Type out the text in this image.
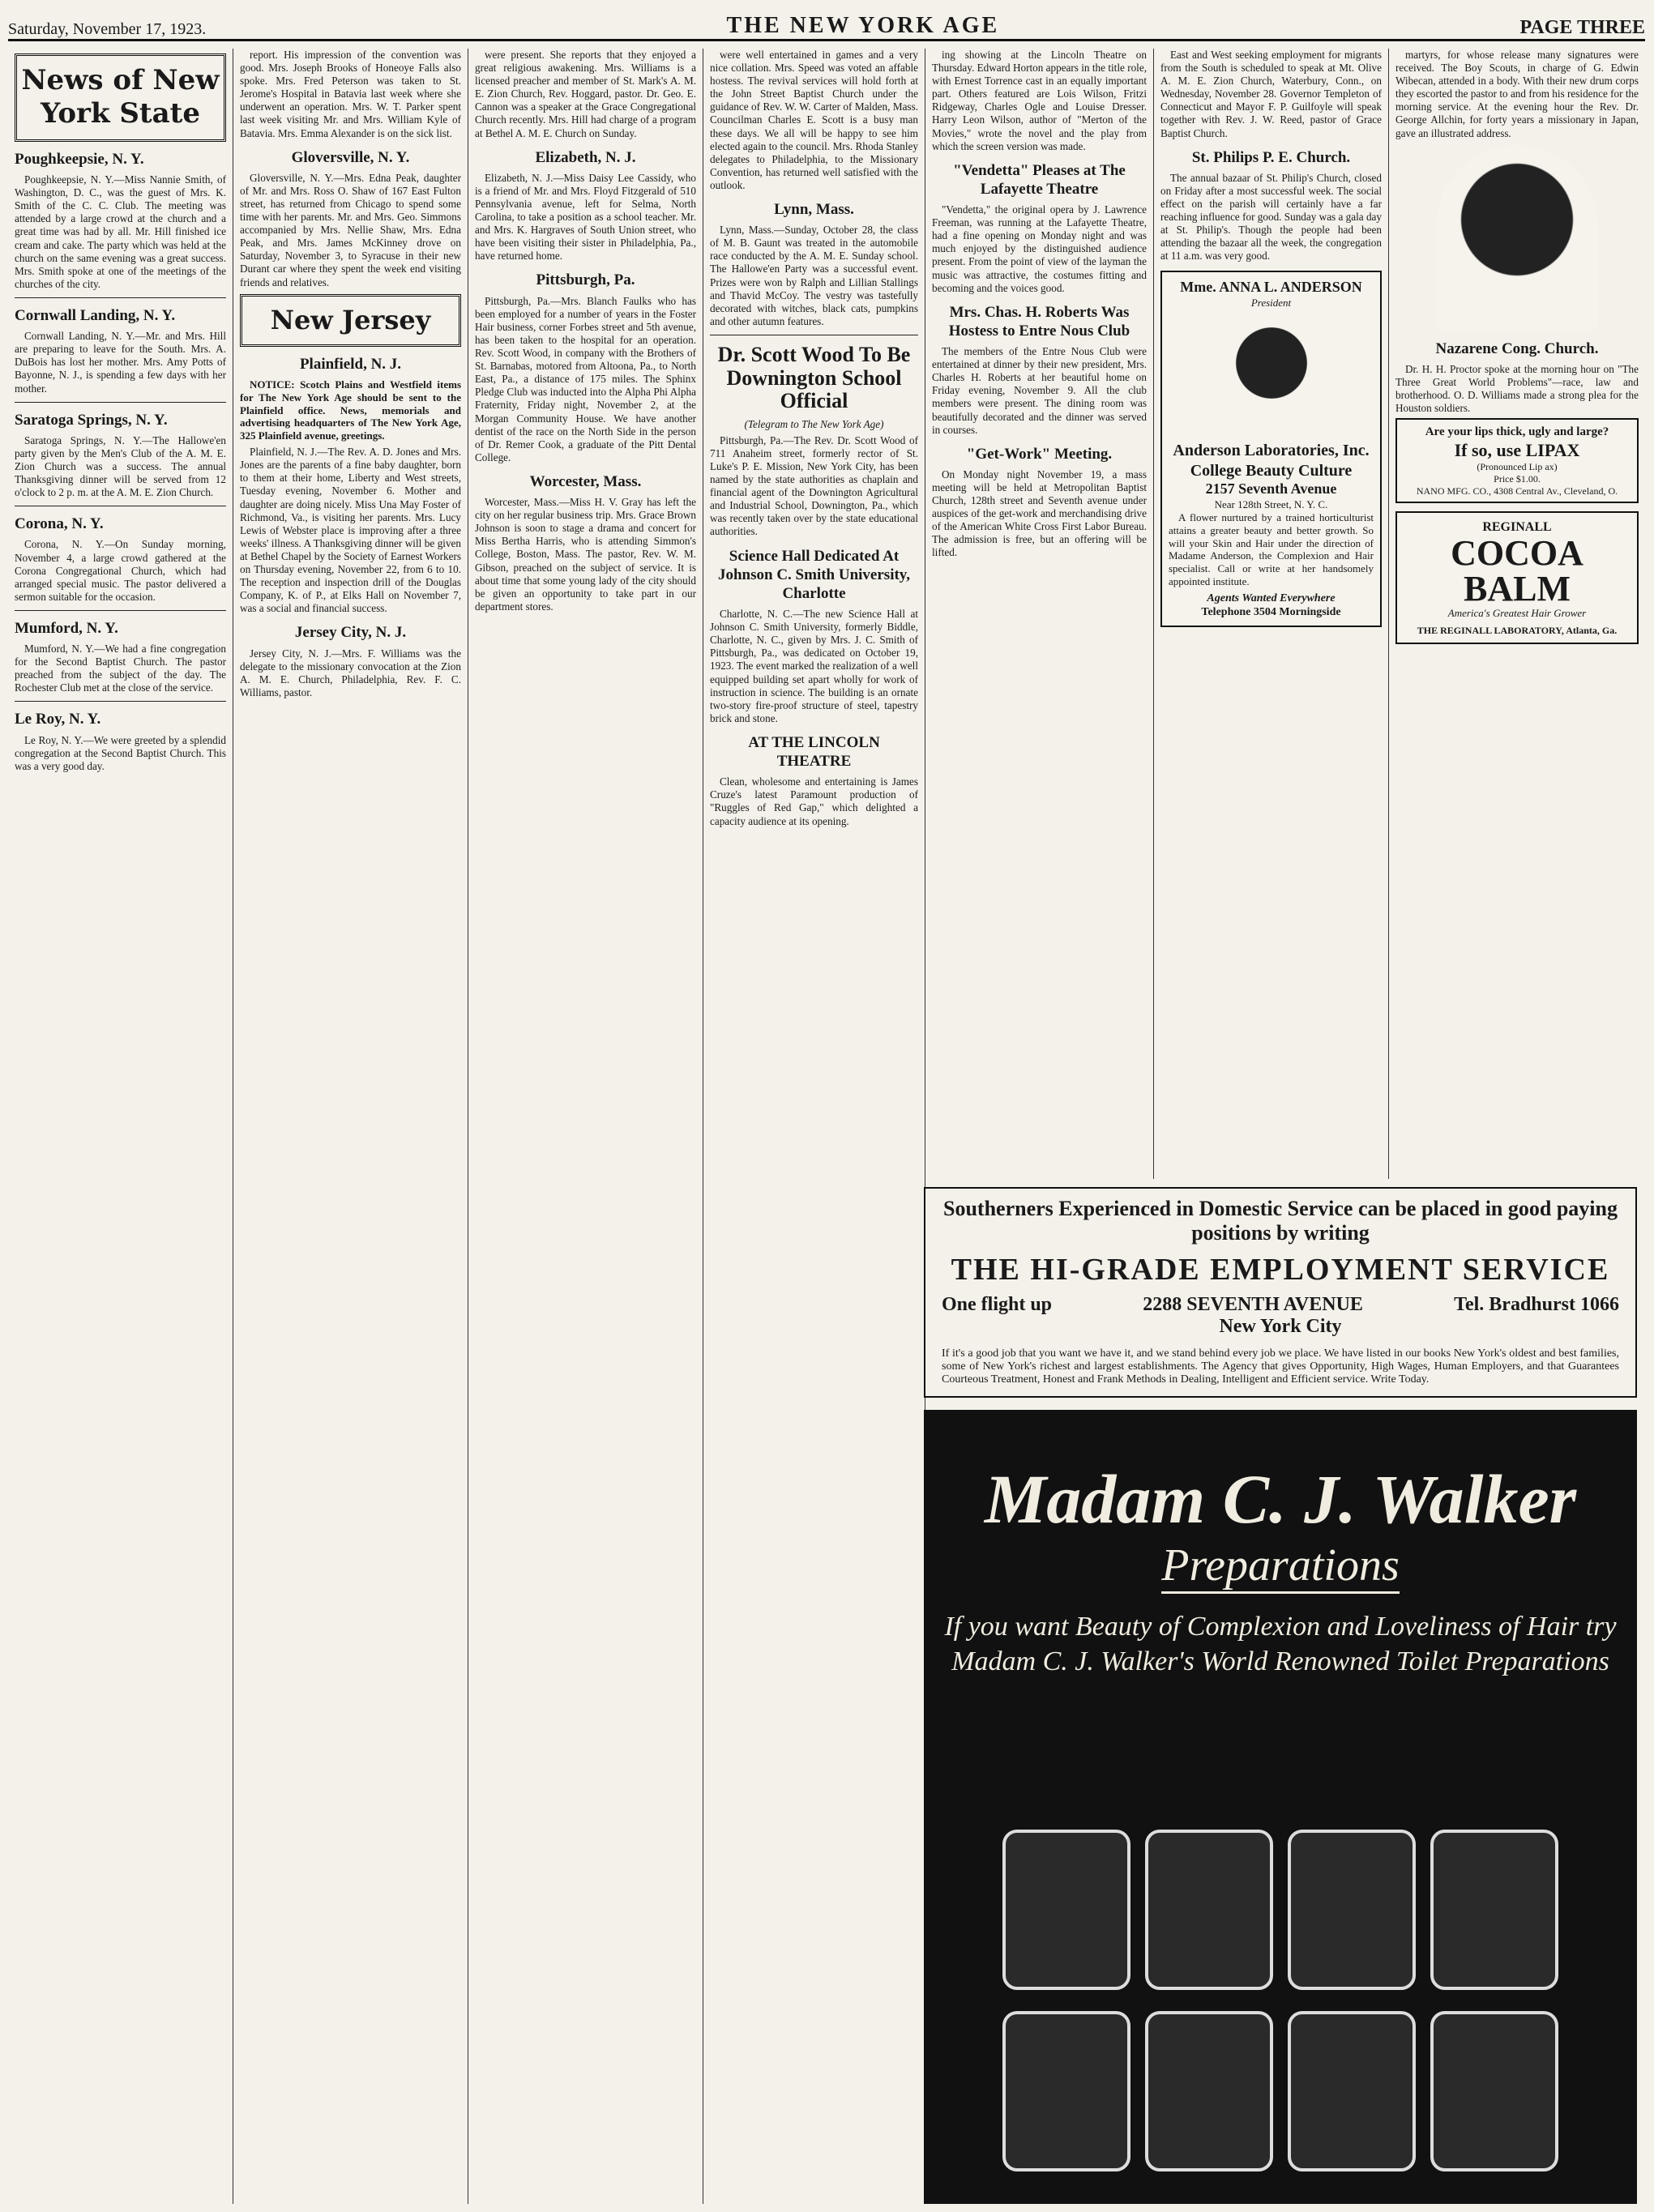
Saturday, November 17, 1923.	THE NEW YORK AGE	PAGE THREE
News of New York State
Poughkeepsie, N. Y.

Poughkeepsie, N. Y.—Miss Nannie Smith, of Washington, D. C., was the guest of Mrs. K. Smith of the C. C. Club. The meeting was attended by a large crowd at the church and a great time was had by all. Mr. Hill finished ice cream and cake. The party which was held at the church on the same evening was a great success. Mrs. Smith spoke at one of the meetings of the churches of the city.

Cornwall Landing, N. Y.

Cornwall Landing, N. Y.—Mr. and Mrs. Hill are preparing to leave for the South. Mrs. A. DuBois has lost her mother. Mrs. Amy Potts of Bayonne, N. J., is spending a few days with her mother.

Saratoga Springs, N. Y.

Saratoga Springs, N. Y.—The Hallowe'en party given by the Men's Club of the A. M. E. Zion Church was a success. The annual Thanksgiving dinner will be served from 12 o'clock to 2 p. m. at the A. M. E. Zion Church.

Corona, N. Y.

Corona, N. Y.—On Sunday morning, November 4, a large crowd gathered at the Corona Congregational Church, which had arranged special music. The pastor delivered a sermon suitable for the occasion.

Mumford, N. Y.

Mumford, N. Y.—We had a fine congregation for the Second Baptist Church. The pastor preached from the subject of the day. The Rochester Club met at the close of the service.

Le Roy, N. Y.

Le Roy, N. Y.—We were greeted by a splendid congregation at the Second Baptist Church. This was a very good day.

report. His impression of the convention was good. Mrs. Joseph Brooks of Honeoye Falls also spoke. Mrs. Fred Peterson was taken to St. Jerome's Hospital in Batavia last week where she underwent an operation. Mrs. W. T. Parker spent last week visiting Mr. and Mrs. William Kyle of Batavia. Mrs. Emma Alexander is on the sick list.

Gloversville, N. Y.

Gloversville, N. Y.—Mrs. Edna Peak, daughter of Mr. and Mrs. Ross O. Shaw of 167 East Fulton street, has returned from Chicago to spend some time with her parents. Mr. and Mrs. Geo. Simmons accompanied by Mrs. Nellie Shaw, Mrs. Edna Peak, and Mrs. James McKinney drove on Saturday, November 3, to Syracuse in their new Durant car where they spent the week end visiting friends and relatives.

New Jersey
Plainfield, N. J.

NOTICE: Scotch Plains and Westfield items for The New York Age should be sent to the Plainfield office. News, memorials and advertising headquarters of The New York Age, 325 Plainfield avenue, greetings.

Plainfield, N. J.—The Rev. A. D. Jones and Mrs. Jones are the parents of a fine baby daughter, born to them at their home, Liberty and West streets, Tuesday evening, November 6. Mother and daughter are doing nicely. Miss Una May Foster of Richmond, Va., is visiting her parents. Mrs. Lucy Lewis of Webster place is improving after a three weeks' illness. A Thanksgiving dinner will be given at Bethel Chapel by the Society of Earnest Workers on Thursday evening, November 22, from 6 to 10. The reception and inspection drill of the Douglas Company, K. of P., at Elks Hall on November 7, was a social and financial success.

Jersey City, N. J.

Jersey City, N. J.—Mrs. F. Williams was the delegate to the missionary convocation at the Zion A. M. E. Church, Philadelphia, Rev. F. C. Williams, pastor.

were present. She reports that they enjoyed a great religious awakening. Mrs. Williams is a licensed preacher and member of St. Mark's A. M. E. Zion Church, Rev. Hoggard, pastor. Dr. Geo. E. Cannon was a speaker at the Grace Congregational Church recently. Mrs. Hill had charge of a program at Bethel A. M. E. Church on Sunday.

Elizabeth, N. J.

Elizabeth, N. J.—Miss Daisy Lee Cassidy, who is a friend of Mr. and Mrs. Floyd Fitzgerald of 510 Pennsylvania avenue, left for Selma, North Carolina, to take a position as a school teacher. Mr. and Mrs. K. Hargraves of South Union street, who have been visiting their sister in Philadelphia, Pa., have returned home.

Pittsburgh, Pa.

Pittsburgh, Pa.—Mrs. Blanch Faulks who has been employed for a number of years in the Foster Hair business, corner Forbes street and 5th avenue, has been taken to the hospital for an operation. Rev. Scott Wood, in company with the Brothers of St. Barnabas, motored from Altoona, Pa., to North East, Pa., a distance of 175 miles. The Sphinx Pledge Club was inducted into the Alpha Phi Alpha Fraternity, Friday night, November 2, at the Morgan Community House. We have another dentist of the race on the North Side in the person of Dr. Remer Cook, a graduate of the Pitt Dental College.

Worcester, Mass.

Worcester, Mass.—Miss H. V. Gray has left the city on her regular business trip. Mrs. Grace Brown Johnson is soon to stage a drama and concert for Miss Bertha Harris, who is attending Simmon's College, Boston, Mass. The pastor, Rev. W. M. Gibson, preached on the subject of service. It is about time that some young lady of the city should be given an opportunity to take part in our department stores.

were well entertained in games and a very nice collation. Mrs. Speed was voted an affable hostess. The revival services will hold forth at the John Street Baptist Church under the guidance of Rev. W. W. Carter of Malden, Mass. Councilman Charles E. Scott is a busy man these days. We all will be happy to see him elected again to the council. Mrs. Rhoda Stanley delegates to Philadelphia, to the Missionary Convention, has returned well satisfied with the outlook.

Lynn, Mass.

Lynn, Mass.—Sunday, October 28, the class of M. B. Gaunt was treated in the automobile race conducted by the A. M. E. Sunday school. The Hallowe'en Party was a successful event. Prizes were won by Ralph and Lillian Stallings and Thavid McCoy. The vestry was tastefully decorated with witches, black cats, pumpkins and other autumn features.

Dr. Scott Wood To Be Downington School Official

(Telegram to The New York Age)

Pittsburgh, Pa.—The Rev. Dr. Scott Wood of 711 Anaheim street, formerly rector of St. Luke's P. E. Mission, New York City, has been named by the state authorities as chaplain and financial agent of the Downington Agricultural and Industrial School, Downington, Pa., which was recently taken over by the state educational authorities.

Science Hall Dedicated At Johnson C. Smith University, Charlotte

Charlotte, N. C.—The new Science Hall at Johnson C. Smith University, formerly Biddle, Charlotte, N. C., given by Mrs. J. C. Smith of Pittsburgh, Pa., was dedicated on October 19, 1923. The event marked the realization of a well equipped building set apart wholly for work of instruction in science. The building is an ornate two-story fire-proof structure of steel, tapestry brick and stone.

AT THE LINCOLN THEATRE

Clean, wholesome and entertaining is James Cruze's latest Paramount production of "Ruggles of Red Gap," which delighted a capacity audience at its opening.

ing showing at the Lincoln Theatre on Thursday. Edward Horton appears in the title role, with Ernest Torrence cast in an equally important part. Others featured are Lois Wilson, Fritzi Ridgeway, Charles Ogle and Louise Dresser. Harry Leon Wilson, author of "Merton of the Movies," wrote the novel and the play from which the screen version was made.

"Vendetta" Pleases at The Lafayette Theatre

"Vendetta," the original opera by J. Lawrence Freeman, was running at the Lafayette Theatre, had a fine opening on Monday night and was much enjoyed by the distinguished audience present. From the point of view of the layman the music was attractive, the costumes fitting and becoming and the voices good.

Mrs. Chas. H. Roberts Was Hostess to Entre Nous Club

The members of the Entre Nous Club were entertained at dinner by their new president, Mrs. Charles H. Roberts at her beautiful home on Friday evening, November 9. All the club members were present. The dining room was beautifully decorated and the dinner was served in courses.

"Get-Work" Meeting.

On Monday night November 19, a mass meeting will be held at Metropolitan Baptist Church, 128th street and Seventh avenue under auspices of the get-work and merchandising drive of the American White Cross First Labor Bureau. The admission is free, but an offering will be lifted.

East and West seeking employment for migrants from the South is scheduled to speak at Mt. Olive A. M. E. Zion Church, Waterbury, Conn., on Wednesday, November 28. Governor Templeton of Connecticut and Mayor F. P. Guilfoyle will speak together with Rev. J. W. Reed, pastor of Grace Baptist Church.

St. Philips P. E. Church.

The annual bazaar of St. Philip's Church, closed on Friday after a most successful week. The social effect on the parish will certainly have a far reaching influence for good. Sunday was a gala day at St. Philip's. Though the people had been attending the bazaar all the week, the congregation at 11 a.m. was very good.

Mme. ANNA L. ANDERSON
President
Anderson Laboratories, Inc. College Beauty Culture
2157 Seventh Avenue
Near 128th Street, N. Y. C.

A flower nurtured by a trained horticulturist attains a greater beauty and better growth. So will your Skin and Hair under the direction of Madame Anderson, the Complexion and Hair specialist. Call or write at her handsomely appointed institute.

Agents Wanted Everywhere
Telephone 3504 Morningside

martyrs, for whose release many signatures were received. The Boy Scouts, in charge of G. Edwin Wibecan, attended in a body. With their new drum corps they escorted the pastor to and from his residence for the morning service. At the evening hour the Rev. Dr. George Allchin, for forty years a missionary in Japan, gave an illustrated address.

Nazarene Cong. Church.

Dr. H. H. Proctor spoke at the morning hour on "The Three Great World Problems"—race, law and brotherhood. O. D. Williams made a strong plea for the Houston soldiers.

Are your lips thick, ugly and large?
If so, use LIPAX
(Pronounced Lip ax)
Price $1.00.
NANO MFG. CO., 4308 Central Av., Cleveland, O.
REGINALL
COCOA BALM
America's Greatest Hair Grower
THE REGINALL LABORATORY, Atlanta, Ga.
Southerners Experienced in Domestic Service can be placed in good paying positions by writing
THE HI-GRADE EMPLOYMENT SERVICE
One flight up	2288 SEVENTH AVENUE	Tel. Bradhurst 1066
New York City
If it's a good job that you want we have it, and we stand behind every job we place. We have listed in our books New York's oldest and best families, some of New York's richest and largest establishments. The Agency that gives Opportunity, High Wages, Human Employers, and that Guarantees Courteous Treatment, Honest and Frank Methods in Dealing, Intelligent and Efficient service. Write Today.
Madam C. J. Walker
Preparations
If you want Beauty of Complexion and Loveliness of Hair try Madam C. J. Walker's World Renowned Toilet Preparations
